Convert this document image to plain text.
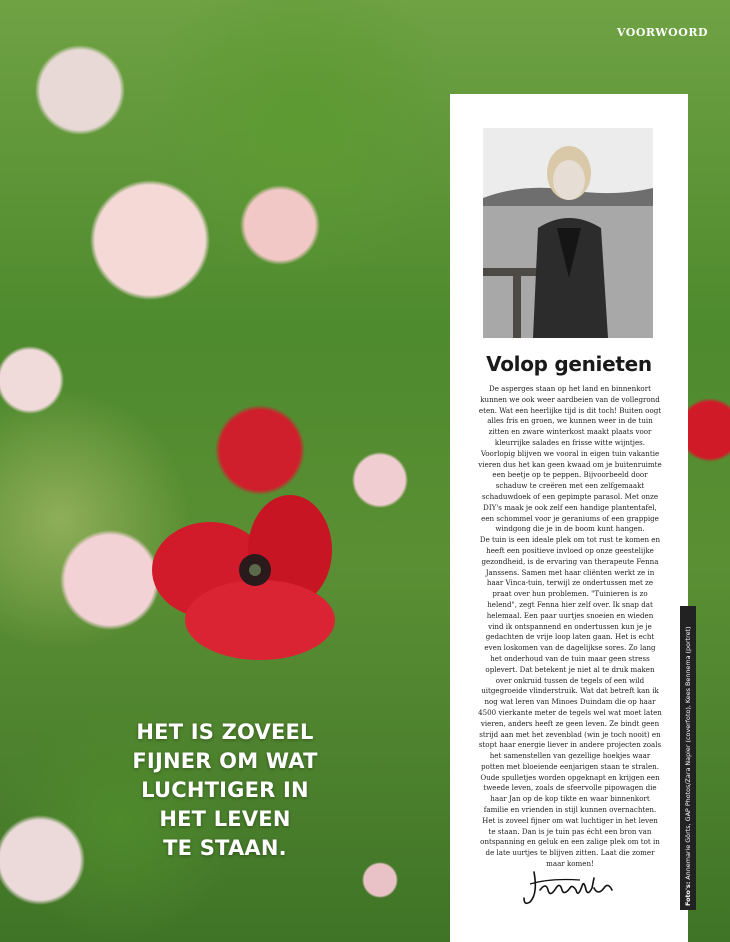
VOORWOORD
HET IS ZOVEEL
FIJNER OM WAT
LUCHTIGER IN
HET LEVEN
TE STAAN.
Volop genieten

De asperges staan op het land en binnenkort kunnen we ook weer aardbeien van de vollegrond eten. Wat een heerlijke tijd is dit toch! Buiten oogt alles fris en groen, we kunnen weer in de tuin zitten en zware winterkost maakt plaats voor kleurrijke salades en frisse witte wijntjes. Voorlopig blijven we vooral in eigen tuin vakantie vieren dus het kan geen kwaad om je buitenruimte een beetje op te peppen. Bijvoorbeeld door schaduw te creëren met een zelfgemaakt schaduwdoek of een gepimpte parasol. Met onze DIY's maak je ook zelf een handige plantentafel, een schommel voor je geraniums of een grappige windgong die je in de boom kunt hangen.

De tuin is een ideale plek om tot rust te komen en heeft een positieve invloed op onze geestelijke gezondheid, is de ervaring van therapeute Fenna Janssens. Samen met haar cliënten werkt ze in haar Vinca-tuin, terwijl ze ondertussen met ze praat over hun problemen. "Tuinieren is zo helend", zegt Fenna hier zelf over. Ik snap dat helemaal. Een paar uurtjes snoeien en wieden vind ik ontspannend en ondertussen kun je je gedachten de vrije loop laten gaan. Het is echt even loskomen van de dagelijkse sores. Zo lang het onderhoud van de tuin maar geen stress oplevert. Dat betekent je niet al te druk maken over onkruid tussen de tegels of een wild uitgegroeide vlinderstruik. Wat dat betreft kan ik nog wat leren van Minoes Duindam die op haar 4500 vierkante meter de tegels wel wat moet laten vieren, anders heeft ze geen leven. Ze bindt geen strijd aan met het zevenblad (win je toch nooit) en stopt haar energie liever in andere projecten zoals het samenstellen van gezellige hoekjes waar potten met bloeiende eenjarigen staan te stralen. Oude spulletjes worden opgeknapt en krijgen een tweede leven, zoals de sfeervolle pipowagen die haar Jan op de kop tikte en waar binnenkort familie en vrienden in stijl kunnen overnachten. Het is zoveel fijner om wat luchtiger in het leven te staan. Dan is je tuin pas écht een bron van ontspanning en geluk en een zalige plek om tot in de late uurtjes te blijven zitten. Laat die zomer maar komen!

Foto's: Annemarie Görts, GAP Photos/Zara Napier (coverfoto), Kees Bennema (portret)
